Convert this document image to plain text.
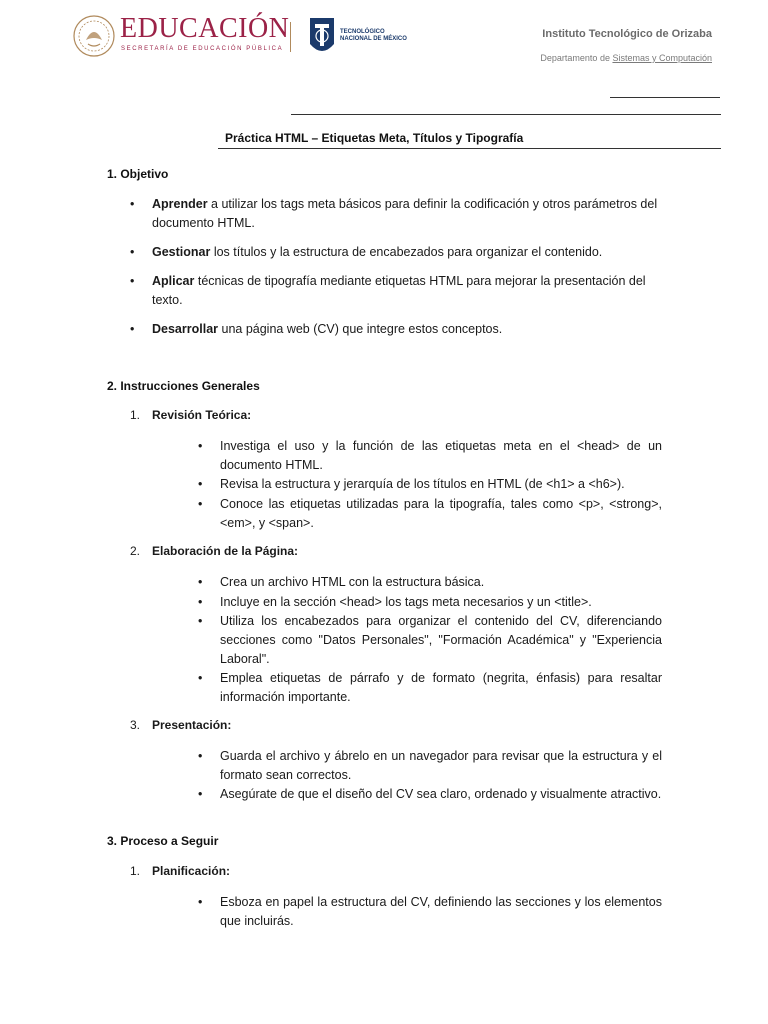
EDUCACIÓN
SECRETARÍA DE EDUCACIÓN PÚBLICA
TECNOLÓGICO
NACIONAL DE MÉXICO	Instituto Tecnológico de Orizaba
Departamento de Sistemas y Computación
Práctica HTML – Etiquetas Meta, Títulos y Tipografía
1. Objetivo
•	Aprender a utilizar los tags meta básicos para definir la codificación y otros parámetros del documento HTML.
•	Gestionar los títulos y la estructura de encabezados para organizar el contenido.
•	Aplicar técnicas de tipografía mediante etiquetas HTML para mejorar la presentación del texto.
•	Desarrollar una página web (CV) que integre estos conceptos.
2. Instrucciones Generales
1. Revisión Teórica:
• Investiga el uso y la función de las etiquetas meta en el <head> de un documento HTML.
• Revisa la estructura y jerarquía de los títulos en HTML (de <h1> a <h6>).
• Conoce las etiquetas utilizadas para la tipografía, tales como <p>, <strong>, <em>, y <span>.
2. Elaboración de la Página:
• Crea un archivo HTML con la estructura básica.
• Incluye en la sección <head> los tags meta necesarios y un <title>.
• Utiliza los encabezados para organizar el contenido del CV, diferenciando secciones como "Datos Personales", "Formación Académica" y "Experiencia Laboral".
• Emplea etiquetas de párrafo y de formato (negrita, énfasis) para resaltar información importante.
3. Presentación:
• Guarda el archivo y ábrelo en un navegador para revisar que la estructura y el formato sean correctos.
• Asegúrate de que el diseño del CV sea claro, ordenado y visualmente atractivo.
3. Proceso a Seguir
1. Planificación:
• Esboza en papel la estructura del CV, definiendo las secciones y los elementos que incluirás.
